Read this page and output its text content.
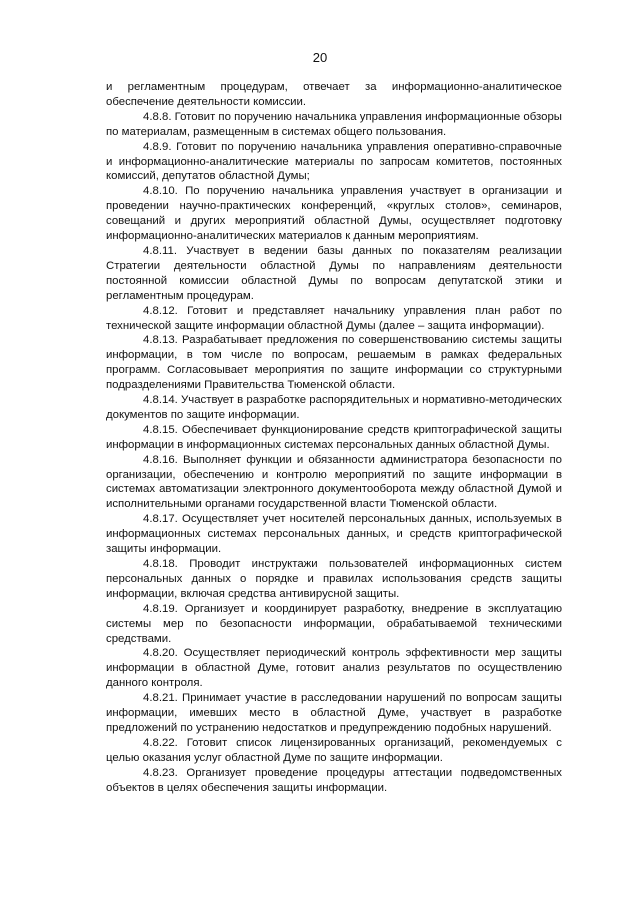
20

и регламентным процедурам, отвечает за информационно-аналитическое обеспечение деятельности комиссии.

4.8.8. Готовит по поручению начальника управления информационные обзоры по материалам, размещенным в системах общего пользования.

4.8.9. Готовит по поручению начальника управления оперативно-справочные и информационно-аналитические материалы по запросам комитетов, постоянных комиссий, депутатов областной Думы;

4.8.10. По поручению начальника управления участвует в организации и проведении научно-практических конференций, «круглых столов», семинаров, совещаний и других мероприятий областной Думы, осуществляет подготовку информационно-аналитических материалов к данным мероприятиям.

4.8.11. Участвует в ведении базы данных по показателям реализации Стратегии деятельности областной Думы по направлениям деятельности постоянной комиссии областной Думы по вопросам депутатской этики и регламентным процедурам.

4.8.12. Готовит и представляет начальнику управления план работ по технической защите информации областной Думы (далее – защита информации).

4.8.13. Разрабатывает предложения по совершенствованию системы защиты информации, в том числе по вопросам, решаемым в рамках федеральных программ. Согласовывает мероприятия по защите информации со структурными подразделениями Правительства Тюменской области.

4.8.14. Участвует в разработке распорядительных и нормативно-методических документов по защите информации.

4.8.15. Обеспечивает функционирование средств криптографической защиты информации в информационных системах персональных данных областной Думы.

4.8.16. Выполняет функции и обязанности администратора безопасности по организации, обеспечению и контролю мероприятий по защите информации в системах автоматизации электронного документооборота между областной Думой и исполнительными органами государственной власти Тюменской области.

4.8.17. Осуществляет учет носителей персональных данных, используемых в информационных системах персональных данных, и средств криптографической защиты информации.

4.8.18. Проводит инструктажи пользователей информационных систем персональных данных о порядке и правилах использования средств защиты информации, включая средства антивирусной защиты.

4.8.19. Организует и координирует разработку, внедрение в эксплуатацию системы мер по безопасности информации, обрабатываемой техническими средствами.

4.8.20. Осуществляет периодический контроль эффективности мер защиты информации в областной Думе, готовит анализ результатов по осуществлению данного контроля.

4.8.21. Принимает участие в расследовании нарушений по вопросам защиты информации, имевших место в областной Думе, участвует в разработке предложений по устранению недостатков и предупреждению подобных нарушений.

4.8.22. Готовит список лицензированных организаций, рекомендуемых с целью оказания услуг областной Думе по защите информации.

4.8.23. Организует проведение процедуры аттестации подведомственных объектов в целях обеспечения защиты информации.
